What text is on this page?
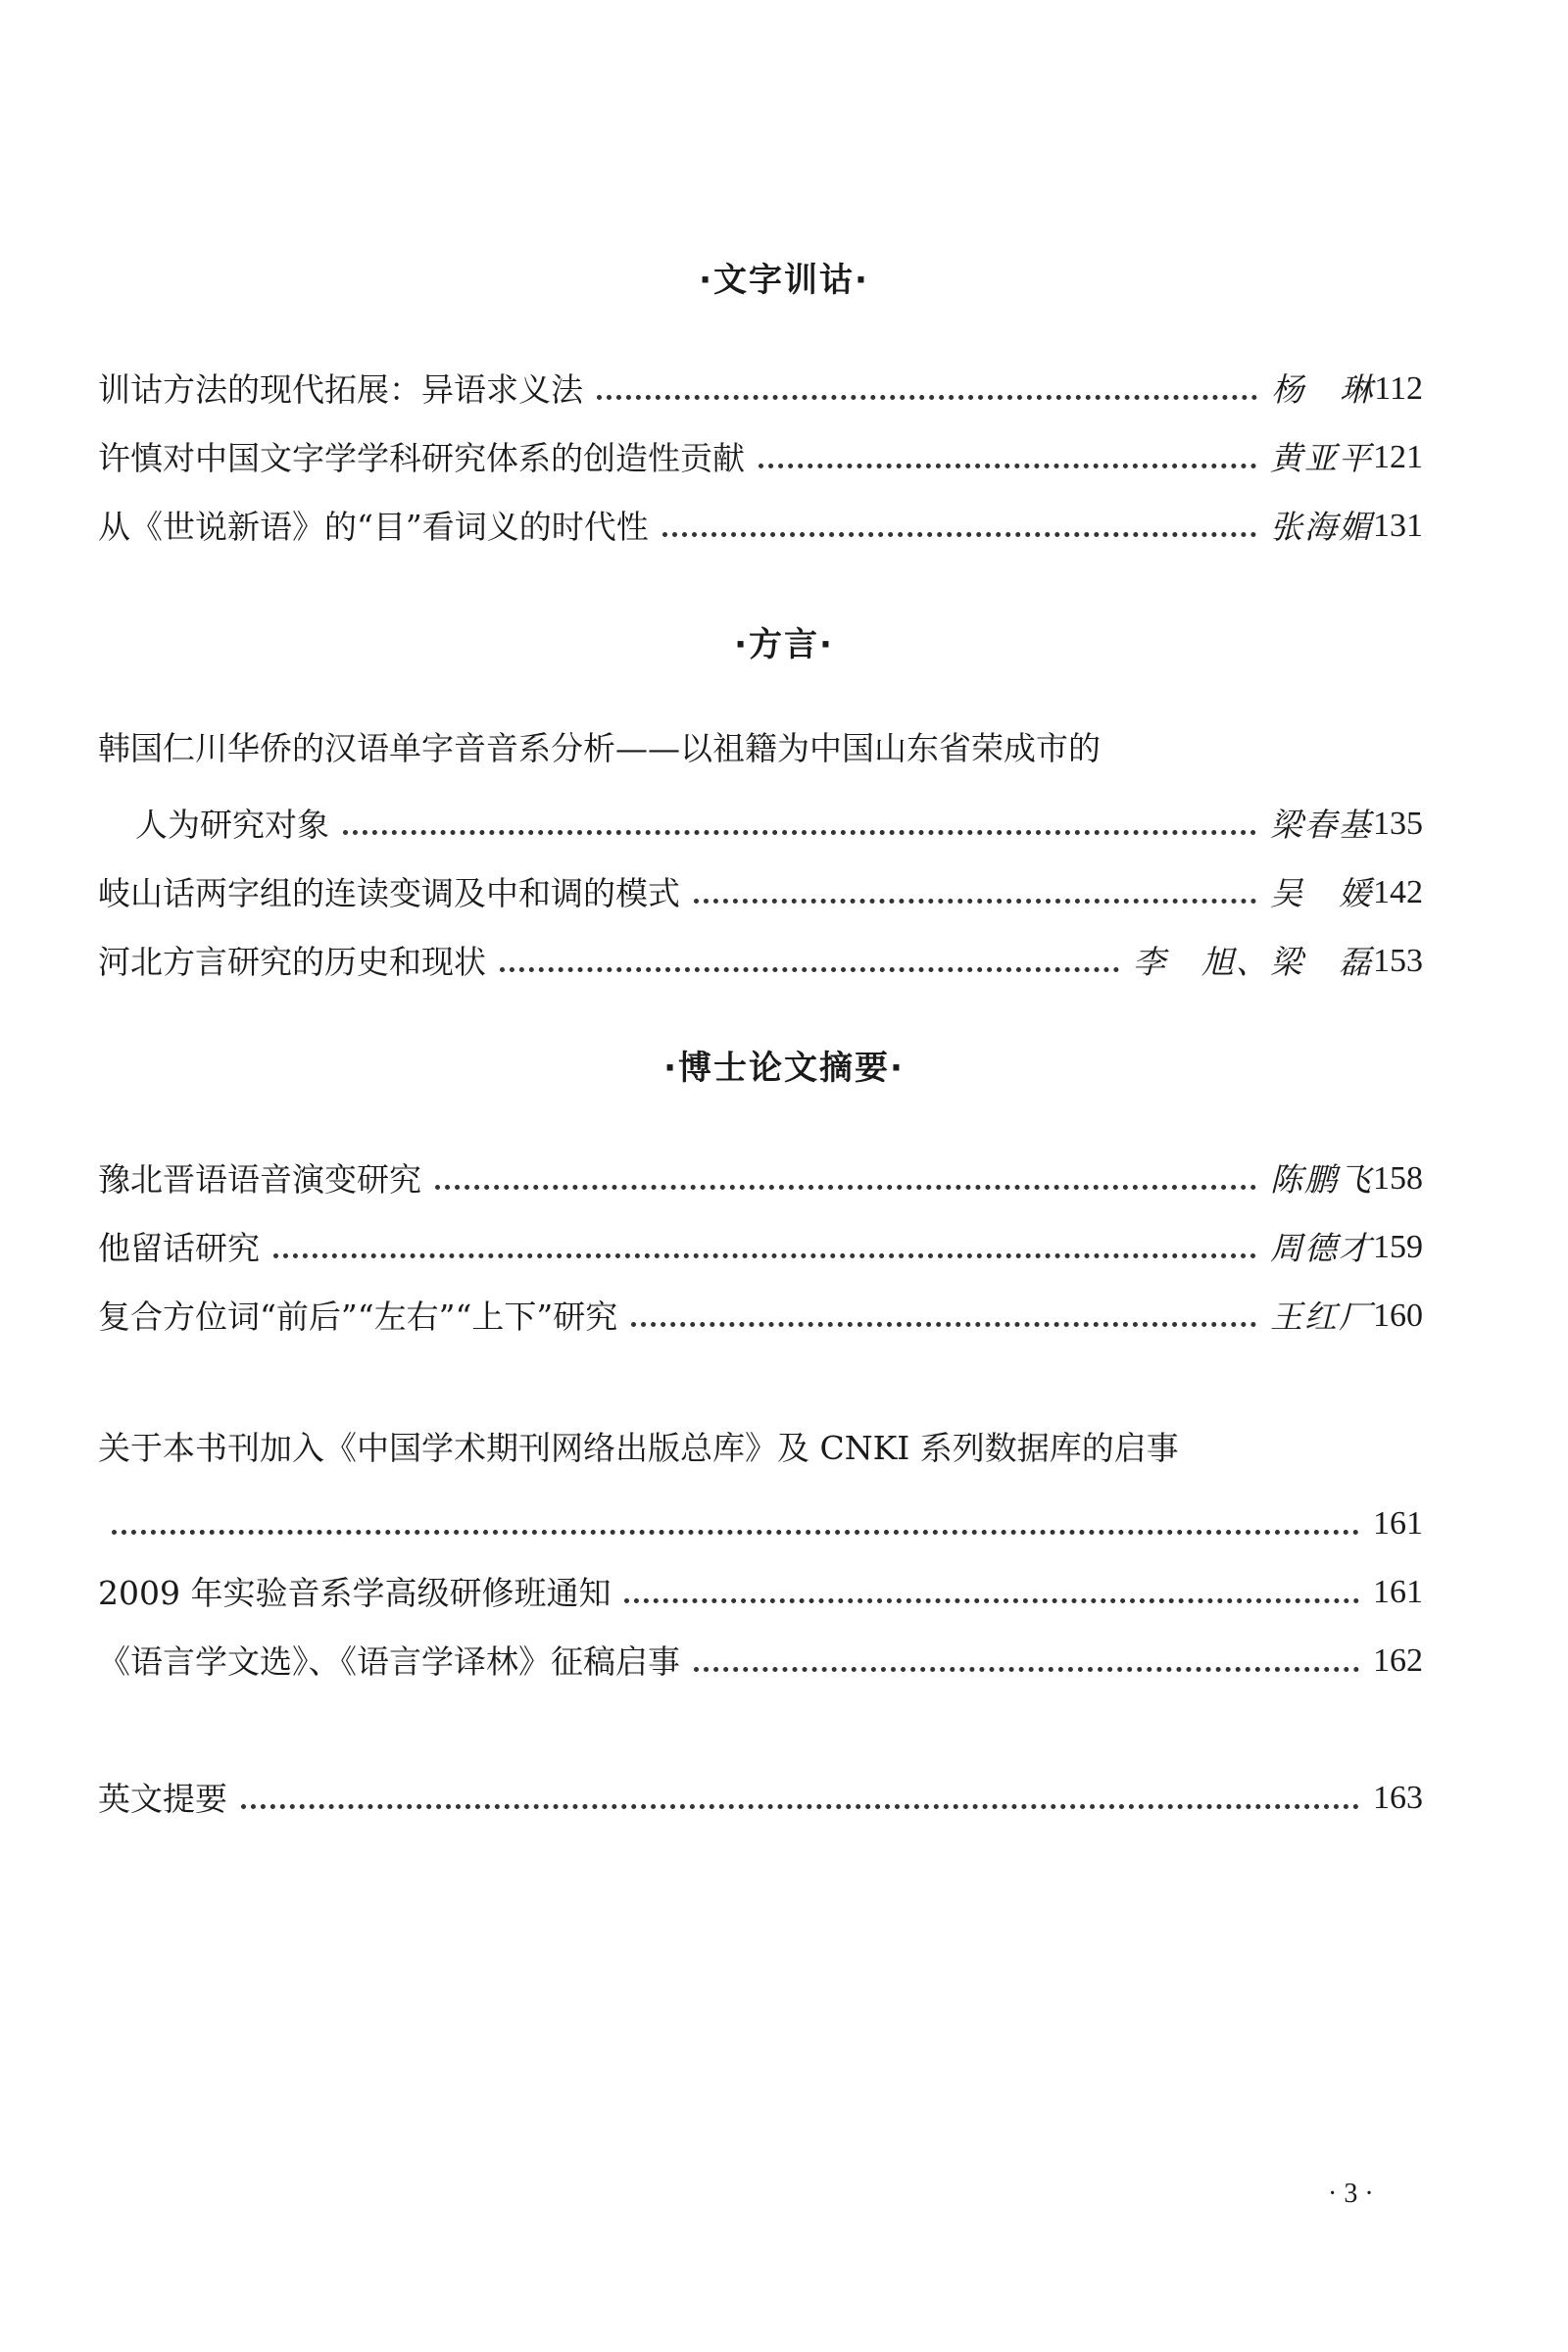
·文字训诂·
训诂方法的现代拓展：异语求义法	杨　琳 112
许慎对中国文字学学科研究体系的创造性贡献	黄亚平 121
从《世说新语》的“目”看词义的时代性	张海媚 131
·方言·
韩国仁川华侨的汉语单字音音系分析——以祖籍为中国山东省荣成市的
人为研究对象	梁春基 135
岐山话两字组的连读变调及中和调的模式	吴　媛 142
河北方言研究的历史和现状	李　旭、梁　磊 153
·博士论文摘要·
豫北晋语语音演变研究	陈鹏飞 158
他留话研究	周德才 159
复合方位词“前后”“左右”“上下”研究	王红厂 160
关于本书刊加入《中国学术期刊网络出版总库》及 CNKI 系列数据库的启事
161
2009 年实验音系学高级研修班通知	161
《语言学文选》、《语言学译林》征稿启事	162
英文提要	163
· 3 ·
